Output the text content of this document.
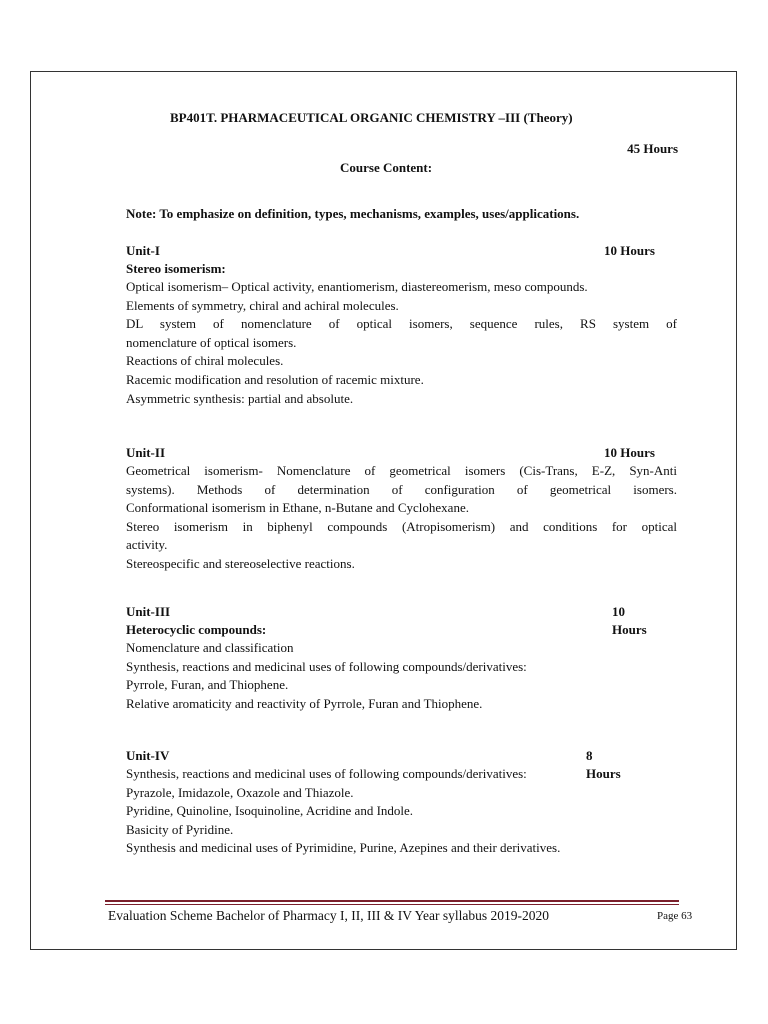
BP401T. PHARMACEUTICAL ORGANIC CHEMISTRY –III (Theory)
45 Hours
Course Content:
Note: To emphasize on definition, types, mechanisms, examples, uses/applications.
Unit-I	10 Hours
Stereo isomerism:
Optical isomerism– Optical activity, enantiomerism, diastereomerism, meso compounds.
Elements of symmetry, chiral and achiral molecules.
DL system of nomenclature of optical isomers, sequence rules, RS system of
nomenclature of optical isomers.
Reactions of chiral molecules.
Racemic modification and resolution of racemic mixture.
Asymmetric synthesis: partial and absolute.
Unit-II	10 Hours
Geometrical isomerism- Nomenclature of geometrical isomers (Cis-Trans, E-Z, Syn-Anti
systems). Methods of determination of configuration of geometrical isomers.
Conformational isomerism in Ethane, n-Butane and Cyclohexane.
Stereo isomerism in biphenyl compounds (Atropisomerism) and conditions for optical
activity.
Stereospecific and stereoselective reactions.
Unit-III	10 Hours
Heterocyclic compounds:
Nomenclature and classification
Synthesis, reactions and medicinal uses of following compounds/derivatives:
Pyrrole, Furan, and Thiophene.
Relative aromaticity and reactivity of Pyrrole, Furan and Thiophene.
Unit-IV	8 Hours
Synthesis, reactions and medicinal uses of following compounds/derivatives:
Pyrazole, Imidazole, Oxazole and Thiazole.
Pyridine, Quinoline, Isoquinoline, Acridine and Indole.
Basicity of Pyridine.
Synthesis and medicinal uses of Pyrimidine, Purine, Azepines and their derivatives.
Evaluation Scheme Bachelor of Pharmacy I, II, III & IV Year syllabus 2019-2020	Page 63
